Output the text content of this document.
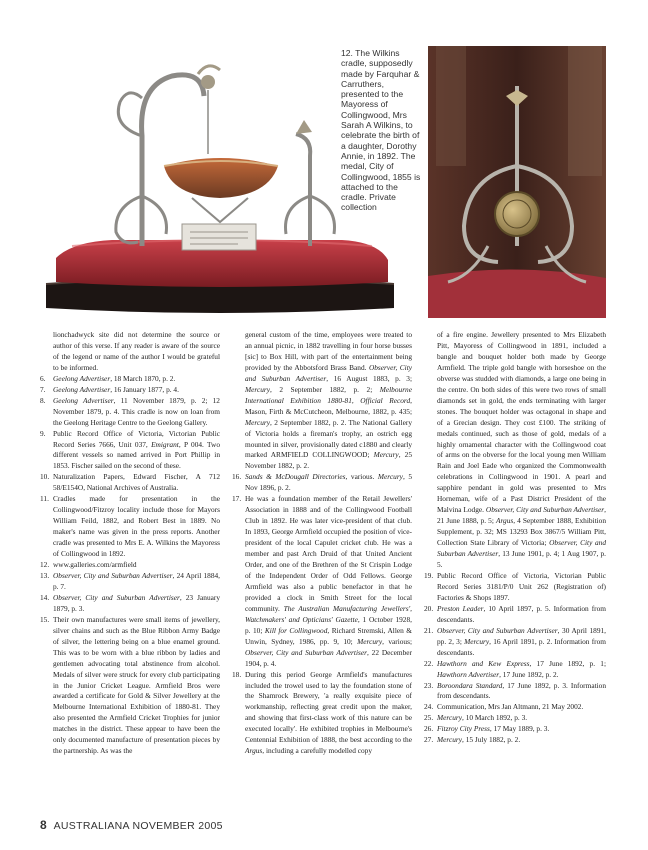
12. The Wilkins cradle, supposedly made by Farquhar & Carruthers, presented to the Mayoress of Collingwood, Mrs Sarah A Wilkins, to celebrate the birth of a daughter, Dorothy Annie, in 1892. The medal, City of Collingwood, 1855 is attached to the cradle. Private collection

lionchadwyck site did not determine the source or author of this verse. If any reader is aware of the source of the legend or name of the author I would be grateful to be informed.

6. Geelong Advertiser, 18 March 1870, p. 2.

7. Geelong Advertiser, 16 January 1877, p. 4.

8. Geelong Advertiser, 11 November 1879, p. 2; 12 November 1879, p. 4. This cradle is now on loan from the Geelong Heritage Centre to the Geelong Gallery.

9. Public Record Office of Victoria, Victorian Public Record Series 7666, Unit 037, Emigrant, P 004. Two different vessels so named arrived in Port Phillip in 1853. Fischer sailed on the second of these.

10. Naturalization Papers, Edward Fischer, A 712 58/E154O, National Archives of Australia.

11. Cradles made for presentation in the Collingwood/Fitzroy locality include those for Mayors William Feild, 1882, and Robert Best in 1889. No maker's name was given in the press reports. Another cradle was presented to Mrs E. A. Wilkins the Mayoress of Collingwood in 1892.

12. www.galleries.com/armfield

13. Observer, City and Suburban Advertiser, 24 April 1884, p. 7.

14. Observer, City and Suburban Advertiser, 23 January 1879, p. 3.

15. Their own manufactures were small items of jewellery, silver chains and such as the Blue Ribbon Army Badge of silver, the lettering being on a blue enamel ground. This was to be worn with a blue ribbon by ladies and gentlemen advocating total abstinence from alcohol. Medals of silver were struck for every club participating in the Junior Cricket League. Armfield Bros were awarded a certificate for Gold & Silver Jewellery at the Melbourne International Exhibition of 1880-81. They also presented the Armfield Cricket Trophies for junior matches in the district. These appear to have been the only documented manufacture of presentation pieces by the partnership. As was the

general custom of the time, employees were treated to an annual picnic, in 1882 travelling in four horse busses [sic] to Box Hill, with part of the entertainment being provided by the Abbotsford Brass Band. Observer, City and Suburban Advertiser, 16 August 1883, p. 3; Mercury, 2 September 1882, p. 2; Melbourne International Exhibition 1880-81, Official Record, Mason, Firth & McCutcheon, Melbourne, 1882, p. 435; Mercury, 2 September 1882, p. 2. The National Gallery of Victoria holds a fireman's trophy, an ostrich egg mounted in silver, provisionally dated c1880 and clearly marked ARMFIELD COLLINGWOOD; Mercury, 25 November 1882, p. 2.

16. Sands & McDougall Directories, various. Mercury, 5 Nov 1896, p. 2.

17. He was a foundation member of the Retail Jewellers' Association in 1888 and of the Collingwood Football Club in 1892. He was later vice-president of that club. In 1893, George Armfield occupied the position of vice-president of the local Capulet cricket club. He was a member and past Arch Druid of that United Ancient Order, and one of the Brethren of the St Crispin Lodge of the Independent Order of Odd Fellows. George Armfield was also a public benefactor in that he provided a clock in Smith Street for the local community. The Australian Manufacturing Jewellers', Watchmakers' and Opticians' Gazette, 1 October 1928, p. 10; Kill for Collingwood, Richard Stremski, Allen & Unwin, Sydney, 1986, pp. 9, 10; Mercury, various; Observer, City and Suburban Advertiser, 22 December 1904, p. 4.

18. During this period George Armfield's manufactures included the trowel used to lay the foundation stone of the Shamrock Brewery, 'a really exquisite piece of workmanship, reflecting great credit upon the maker, and showing that first-class work of this nature can be executed locally'. He exhibited trophies in Melbourne's Centennial Exhibition of 1888, the best according to the Argus, including a carefully modelled copy

of a fire engine. Jewellery presented to Mrs Elizabeth Pitt, Mayoress of Collingwood in 1891, included a bangle and bouquet holder both made by George Armfield. The triple gold bangle with horseshoe on the obverse was studded with diamonds, a large one being in the centre. On both sides of this were two rows of small diamonds set in gold, the ends terminating with larger stones. The bouquet holder was octagonal in shape and of a Grecian design. They cost £100. The striking of medals continued, such as those of gold, medals of a highly ornamental character with the Collingwood coat of arms on the obverse for the local young men William Rain and Joel Eade who organized the Commonwealth celebrations in Collingwood in 1901. A pearl and sapphire pendant in gold was presented to Mrs Horneman, wife of a Past District President of the Malvina Lodge. Observer, City and Suburban Advertiser, 21 June 1888, p. 5; Argus, 4 September 1888, Exhibition Supplement, p. 32; MS 13293 Box 3867/5 William Pitt, Collection State Library of Victoria; Observer, City and Suburban Advertiser, 13 June 1901, p. 4; 1 Aug 1907, p. 5.

19. Public Record Office of Victoria, Victorian Public Record Series 3181/P/0 Unit 262 (Registration of) Factories & Shops 1897.

20. Preston Leader, 10 April 1897, p. 5. Information from descendants.

21. Observer, City and Suburban Advertiser, 30 April 1891, pp. 2, 3; Mercury, 16 April 1891, p. 2. Information from descendants.

22. Hawthorn and Kew Express, 17 June 1892, p. 1; Hawthorn Advertiser, 17 June 1892, p. 2.

23. Boroondara Standard, 17 June 1892, p. 3. Information from descendants.

24. Communication, Mrs Jan Altmann, 21 May 2002.

25. Mercury, 10 March 1892, p. 3.

26. Fitzroy City Press, 17 May 1889, p. 3.

27. Mercury, 15 July 1882, p. 2.

8 AUSTRALIANA NOVEMBER 2005
